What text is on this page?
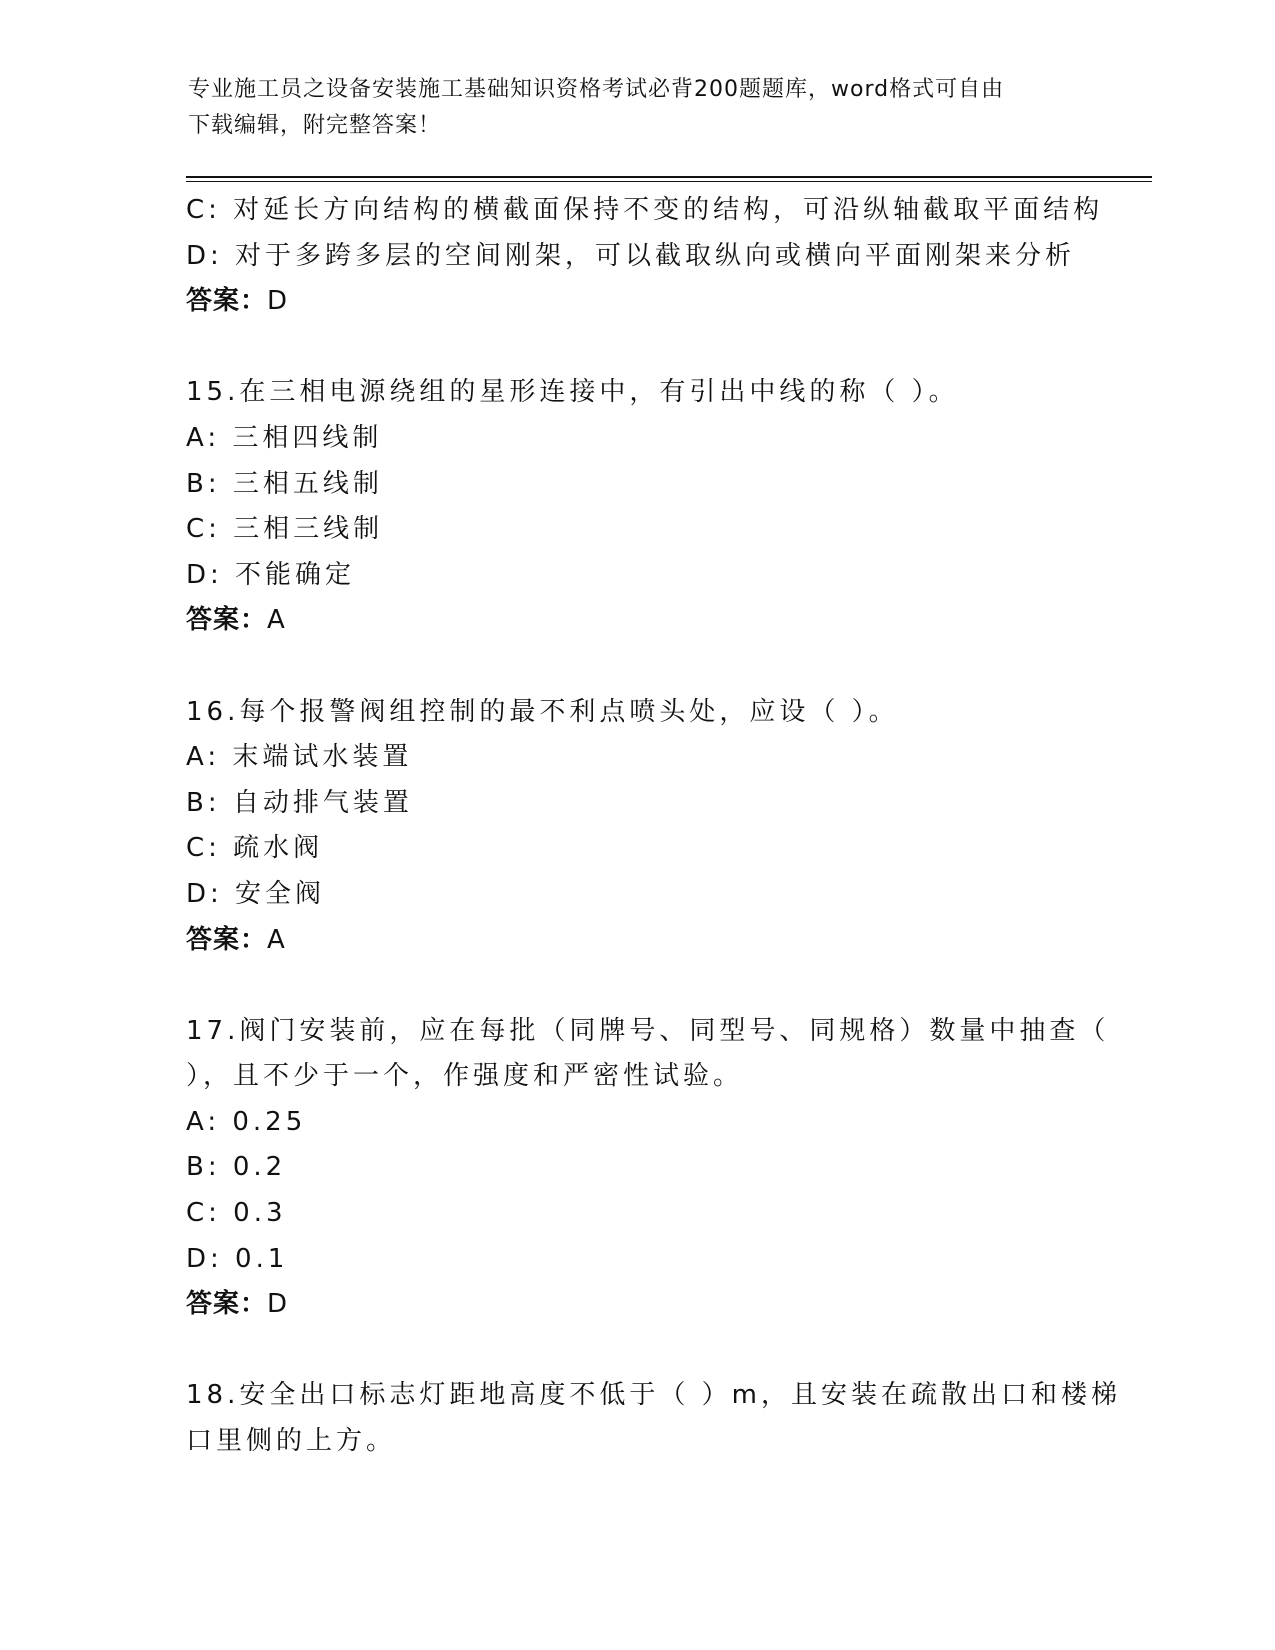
专业施工员之设备安装施工基础知识资格考试必背200题题库，word格式可自由
下载编辑，附完整答案！
C: 对延长方向结构的横截面保持不变的结构，可沿纵轴截取平面结构
D: 对于多跨多层的空间刚架，可以截取纵向或横向平面刚架来分析
答案：D
15.在三相电源绕组的星形连接中，有引出中线的称（ ）。
A: 三相四线制
B: 三相五线制
C: 三相三线制
D: 不能确定
答案：A
16.每个报警阀组控制的最不利点喷头处，应设（ ）。
A: 末端试水装置
B: 自动排气装置
C: 疏水阀
D: 安全阀
答案：A
17.阀门安装前，应在每批（同牌号、同型号、同规格）数量中抽查（
），且不少于一个，作强度和严密性试验。
A: 0.25
B: 0.2
C: 0.3
D: 0.1
答案：D
18.安全出口标志灯距地高度不低于（ ）m，且安装在疏散出口和楼梯
口里侧的上方。
